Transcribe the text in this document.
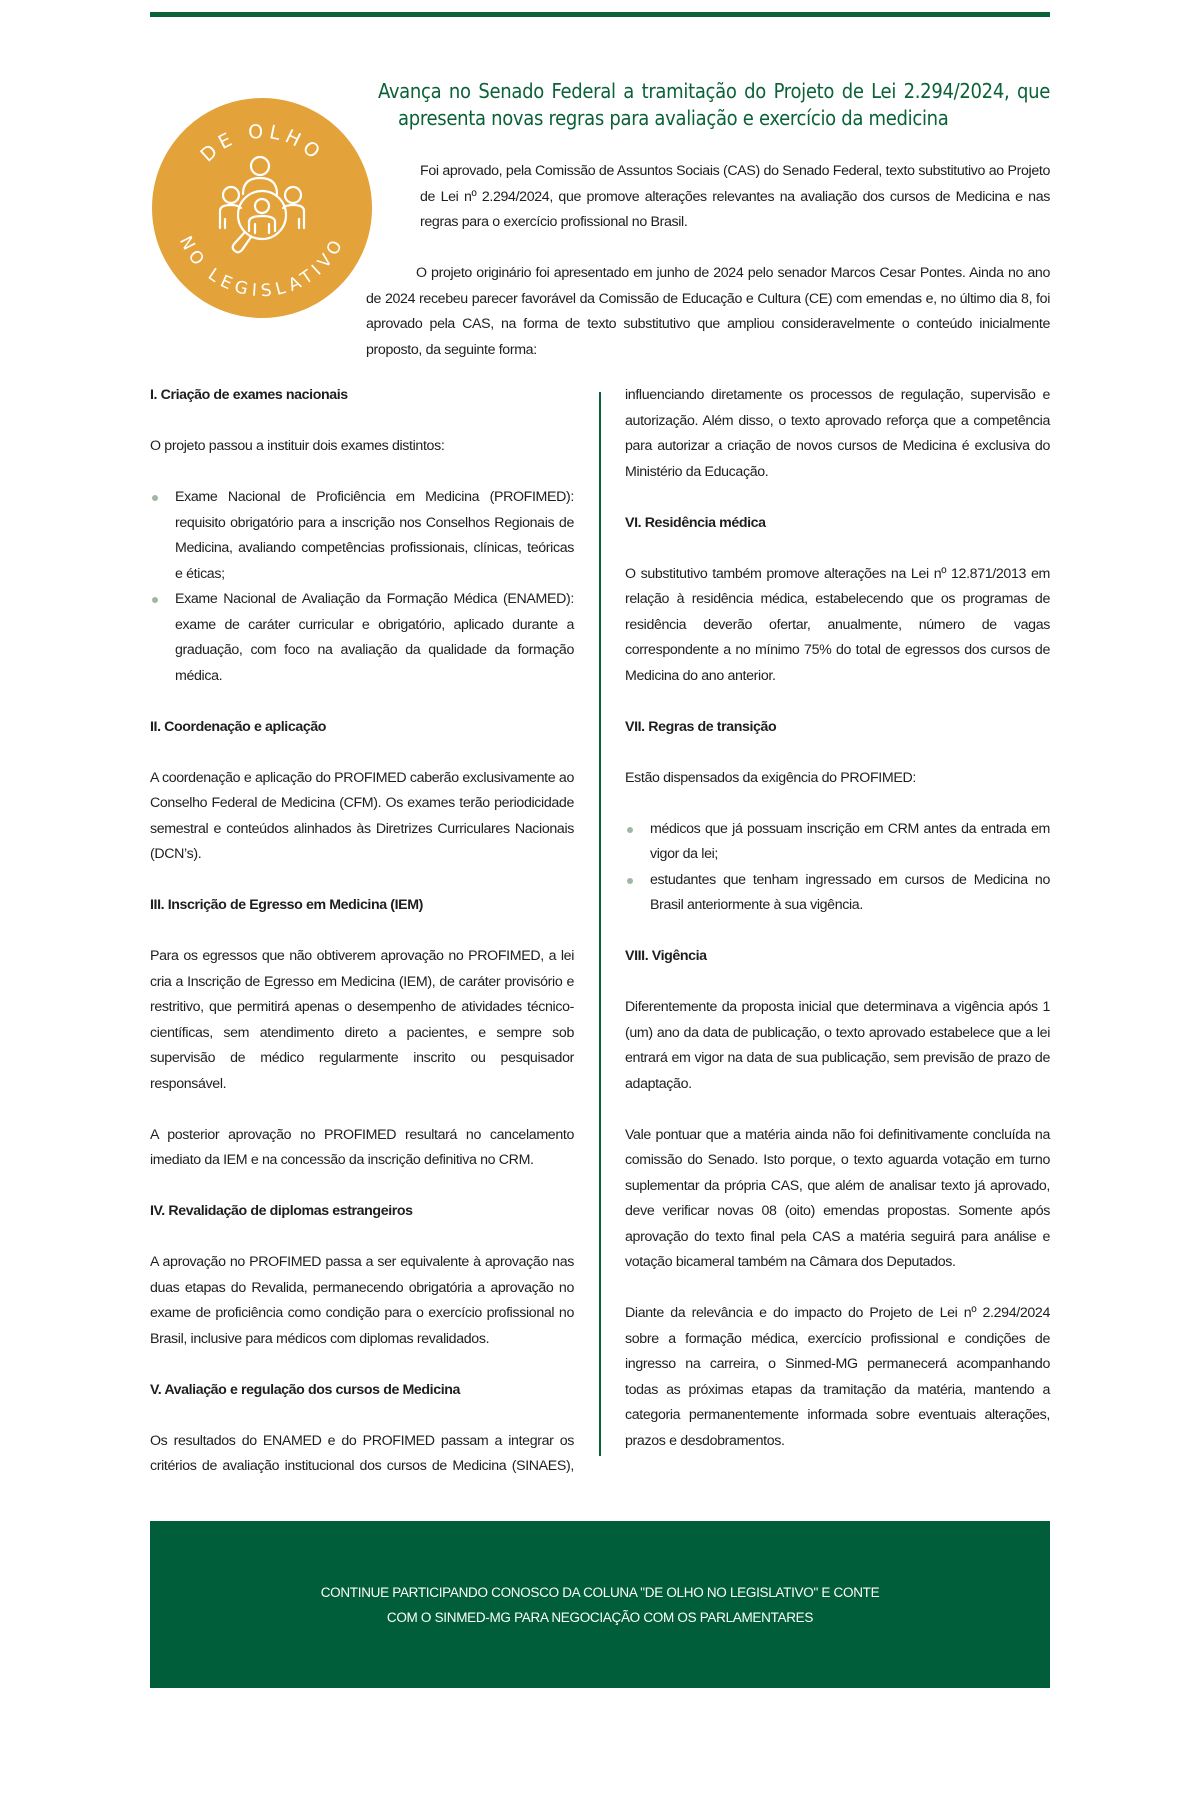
DE OLHO
NO LEGISLATIVO
Avança no Senado Federal a tramitação do Projeto de Lei 2.294/2024, que
apresenta novas regras para avaliação e exercício da medicina

Foi aprovado, pela Comissão de Assuntos Sociais (CAS) do Senado Federal, texto substitutivo ao Projeto de Lei nº 2.294/2024, que promove alterações relevantes na avaliação dos cursos de Medicina e nas regras para o exercício profissional no Brasil.

O projeto originário foi apresentado em junho de 2024 pelo senador Marcos Cesar Pontes. Ainda no ano de 2024 recebeu parecer favorável da Comissão de Educação e Cultura (CE) com emendas e, no último dia 8, foi aprovado pela CAS, na forma de texto substitutivo que ampliou consideravelmente o conteúdo inicialmente proposto, da seguinte forma:

I. Criação de exames nacionais

O projeto passou a instituir dois exames distintos:

Exame Nacional de Proficiência em Medicina (PROFIMED): requisito obrigatório para a inscrição nos Conselhos Regionais de Medicina, avaliando competências profissionais, clínicas, teóricas e éticas;
Exame Nacional de Avaliação da Formação Médica (ENAMED): exame de caráter curricular e obrigatório, aplicado durante a graduação, com foco na avaliação da qualidade da formação médica.
II. Coordenação e aplicação

A coordenação e aplicação do PROFIMED caberão exclusivamente ao Conselho Federal de Medicina (CFM). Os exames terão periodicidade semestral e conteúdos alinhados às Diretrizes Curriculares Nacionais (DCN’s).

III. Inscrição de Egresso em Medicina (IEM)

Para os egressos que não obtiverem aprovação no PROFIMED, a lei cria a Inscrição de Egresso em Medicina (IEM), de caráter provisório e restritivo, que permitirá apenas o desempenho de atividades técnico-científicas, sem atendimento direto a pacientes, e sempre sob supervisão de médico regularmente inscrito ou pesquisador responsável.

A posterior aprovação no PROFIMED resultará no cancelamento imediato da IEM e na concessão da inscrição definitiva no CRM.

IV. Revalidação de diplomas estrangeiros

A aprovação no PROFIMED passa a ser equivalente à aprovação nas duas etapas do Revalida, permanecendo obrigatória a aprovação no exame de proficiência como condição para o exercício profissional no Brasil, inclusive para médicos com diplomas revalidados.

V. Avaliação e regulação dos cursos de Medicina

Os resultados do ENAMED e do PROFIMED passam a integrar os critérios de avaliação institucional dos cursos de Medicina (SINAES),

influenciando diretamente os processos de regulação, supervisão e autorização. Além disso, o texto aprovado reforça que a competência para autorizar a criação de novos cursos de Medicina é exclusiva do Ministério da Educação.

VI. Residência médica

O substitutivo também promove alterações na Lei nº 12.871/2013 em relação à residência médica, estabelecendo que os programas de residência deverão ofertar, anualmente, número de vagas correspondente a no mínimo 75% do total de egressos dos cursos de Medicina do ano anterior.

VII. Regras de transição

Estão dispensados da exigência do PROFIMED:

médicos que já possuam inscrição em CRM antes da entrada em vigor da lei;
estudantes que tenham ingressado em cursos de Medicina no Brasil anteriormente à sua vigência.
VIII. Vigência

Diferentemente da proposta inicial que determinava a vigência após 1 (um) ano da data de publicação, o texto aprovado estabelece que a lei entrará em vigor na data de sua publicação, sem previsão de prazo de adaptação.

Vale pontuar que a matéria ainda não foi definitivamente concluída na comissão do Senado. Isto porque, o texto aguarda votação em turno suplementar da própria CAS, que além de analisar texto já aprovado, deve verificar novas 08 (oito) emendas propostas. Somente após aprovação do texto final pela CAS a matéria seguirá para análise e votação bicameral também na Câmara dos Deputados.

Diante da relevância e do impacto do Projeto de Lei nº 2.294/2024 sobre a formação médica, exercício profissional e condições de ingresso na carreira, o Sinmed-MG permanecerá acompanhando todas as próximas etapas da tramitação da matéria, mantendo a categoria permanentemente informada sobre eventuais alterações, prazos e desdobramentos.

CONTINUE PARTICIPANDO CONOSCO DA COLUNA "DE OLHO NO LEGISLATIVO" E CONTE
COM O SINMED-MG PARA NEGOCIAÇÃO COM OS PARLAMENTARES
